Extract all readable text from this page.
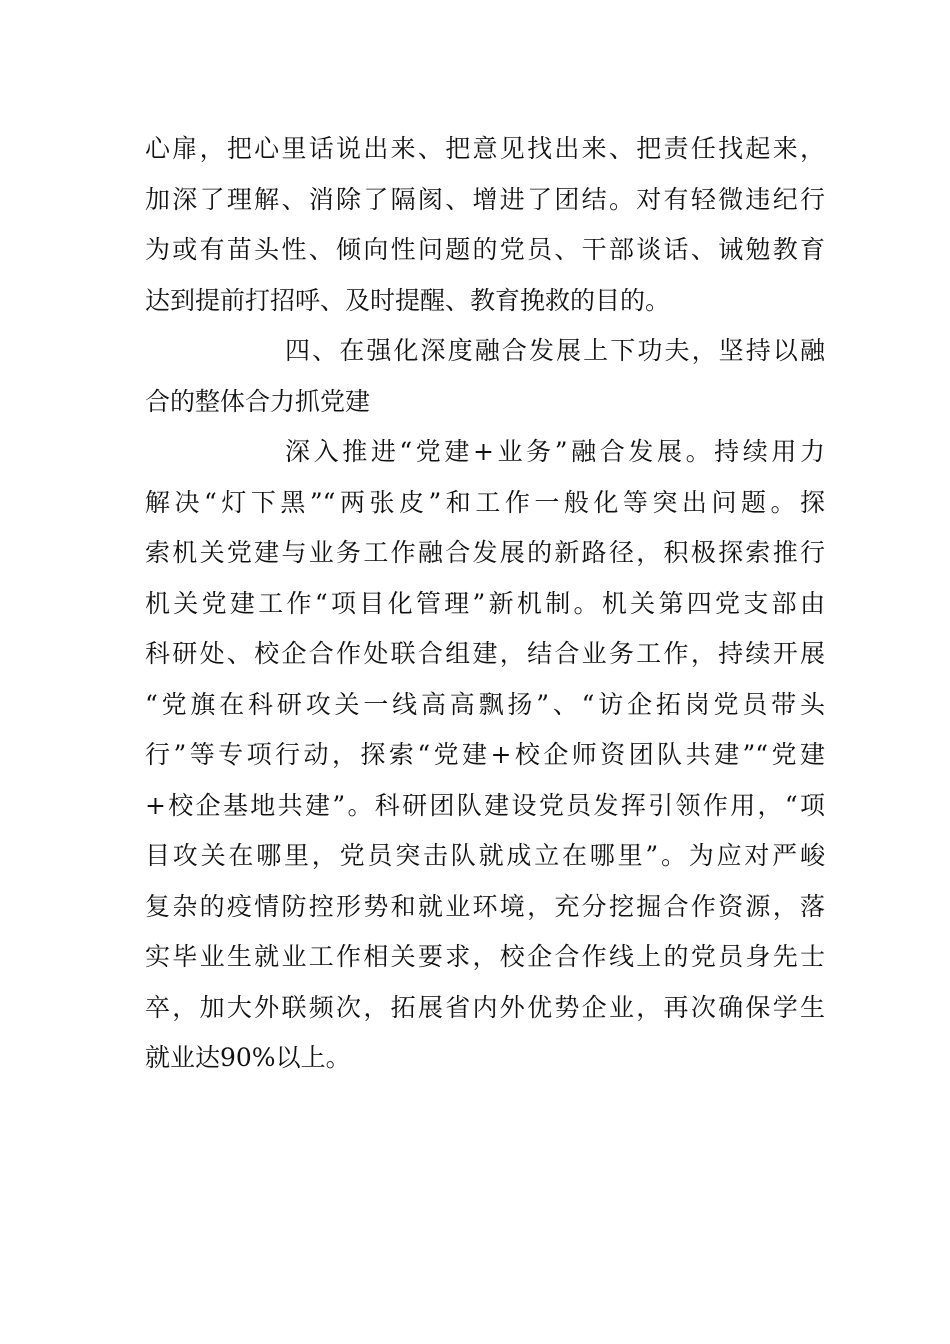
心扉，把心里话说出来、把意见找出来、把责任找起来，
加深了理解、消除了隔阂、增进了团结。对有轻微违纪行
为或有苗头性、倾向性问题的党员、干部谈话、诫勉教育
达到提前打招呼、及时提醒、教育挽救的目的。
四、在强化深度融合发展上下功夫，坚持以融
合的整体合力抓党建
深入推进“党建+业务”融合发展。持续用力
解决“灯下黑”“两张皮”和工作一般化等突出问题。探
索机关党建与业务工作融合发展的新路径，积极探索推行
机关党建工作“项目化管理”新机制。机关第四党支部由
科研处、校企合作处联合组建，结合业务工作，持续开展
“党旗在科研攻关一线高高飘扬”、“访企拓岗党员带头
行”等专项行动，探索“党建+校企师资团队共建”“党建
+校企基地共建”。科研团队建设党员发挥引领作用，“项
目攻关在哪里，党员突击队就成立在哪里”。为应对严峻
复杂的疫情防控形势和就业环境，充分挖掘合作资源，落
实毕业生就业工作相关要求，校企合作线上的党员身先士
卒，加大外联频次，拓展省内外优势企业，再次确保学生
就业达90%以上。
